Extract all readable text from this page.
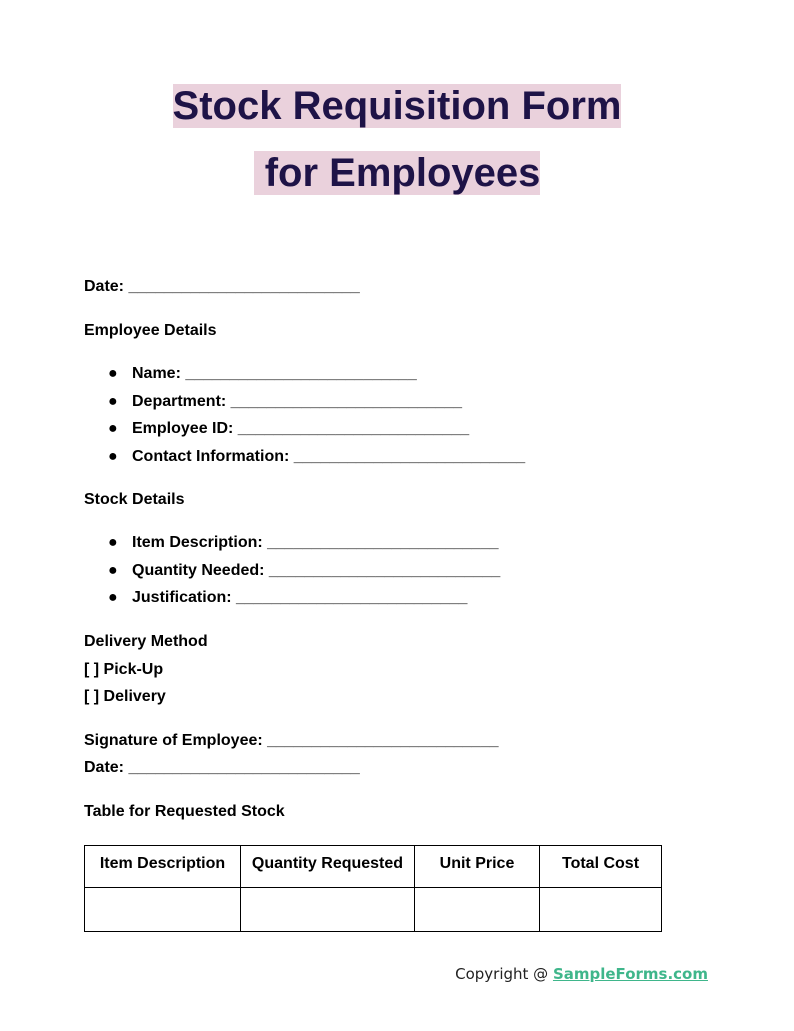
Stock Requisition Form
for Employees
Date: __________________________
Employee Details
● Name: __________________________
● Department: __________________________
● Employee ID: __________________________
● Contact Information: __________________________
Stock Details
● Item Description: __________________________
● Quantity Needed: __________________________
● Justification: __________________________
Delivery Method
[ ] Pick-Up
[ ] Delivery
Signature of Employee: __________________________
Date: __________________________
Table for Requested Stock
Item Description	Quantity Requested	Unit Price	Total Cost

Copyright @ SampleForms.com
